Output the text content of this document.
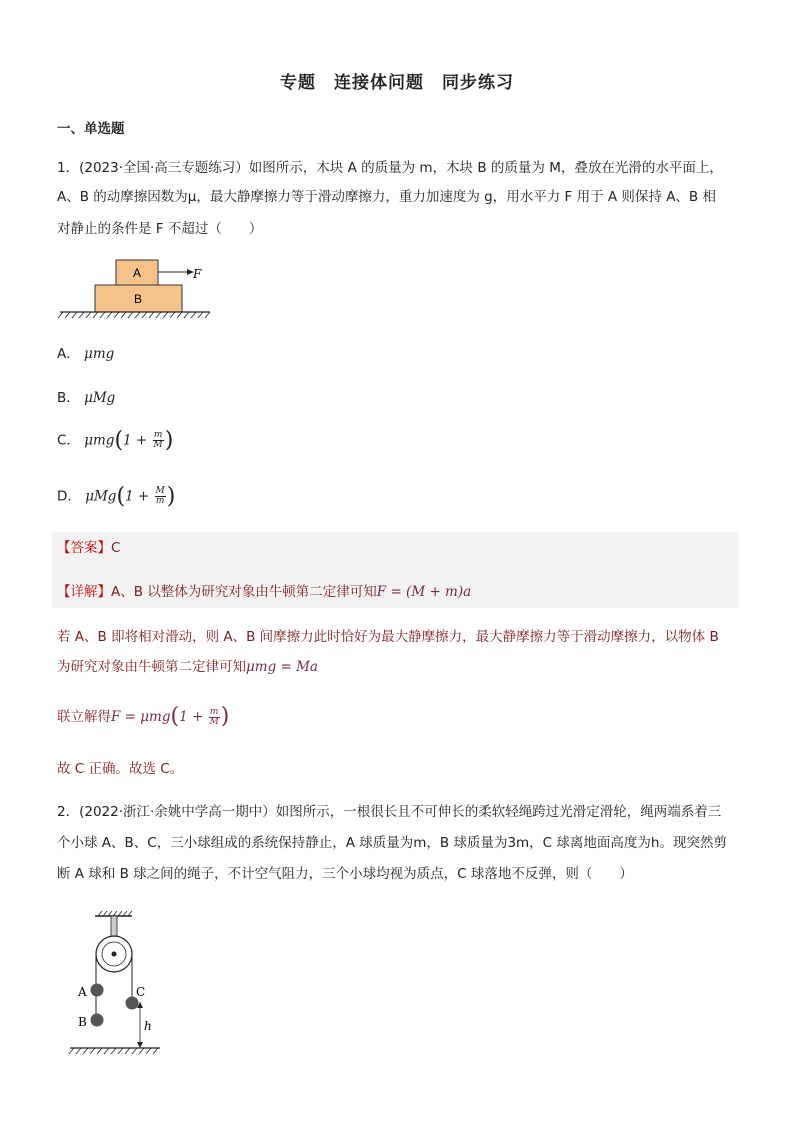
专题　连接体问题　同步练习
一、单选题
1．(2023·全国·高三专题练习）如图所示，木块 A 的质量为 m，木块 B 的质量为 M，叠放在光滑的水平面上，
A、B 的动摩擦因数为μ，最大静摩擦力等于滑动摩擦力，重力加速度为 g，用水平力 F 用于 A 则保持 A、B 相
对静止的条件是 F 不超过（　　）
A
B
F
A． μmg
B． μMg
C． $\mu mg(1 + \frac{m}{M}$ )
D． $\mu Mg(1 + \frac{M}{m}$ )
【答案】C
【详解】A、B 以整体为研究对象由牛顿第二定律可知F = (M + m)a
若 A、B 即将相对滑动，则 A、B 间摩擦力此时恰好为最大静摩擦力，最大静摩擦力等于滑动摩擦力，以物体 B
为研究对象由牛顿第二定律可知μmg = Ma
联立解得$F = \mu mg(1 + \frac{m}{M}$ )
故 C 正确。故选 C。
2．(2022·浙江·余姚中学高一期中）如图所示，一根很长且不可伸长的柔软轻绳跨过光滑定滑轮，绳两端系着三
个小球 A、B、C，三小球组成的系统保持静止，A 球质量为m，B 球质量为3m，C 球离地面高度为h。现突然剪
断 A 球和 B 球之间的绳子，不计空气阻力，三个小球均视为质点，C 球落地不反弹，则（　　）
A
B
C
h
